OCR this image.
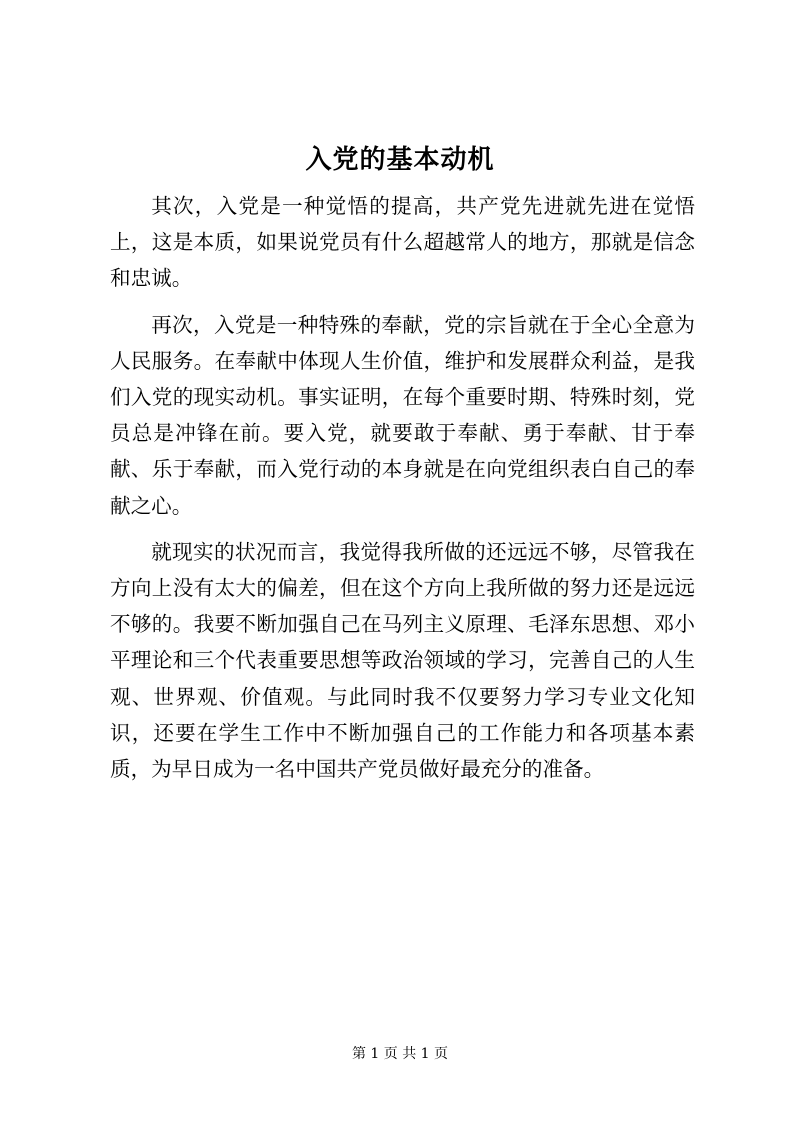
入党的基本动机

其次，入党是一种觉悟的提高，共产党先进就先进在觉悟上，这是本质，如果说党员有什么超越常人的地方，那就是信念和忠诚。

再次，入党是一种特殊的奉献，党的宗旨就在于全心全意为人民服务。在奉献中体现人生价值，维护和发展群众利益，是我们入党的现实动机。事实证明，在每个重要时期、特殊时刻，党员总是冲锋在前。要入党，就要敢于奉献、勇于奉献、甘于奉献、乐于奉献，而入党行动的本身就是在向党组织表白自己的奉献之心。

就现实的状况而言，我觉得我所做的还远远不够，尽管我在方向上没有太大的偏差，但在这个方向上我所做的努力还是远远不够的。我要不断加强自己在马列主义原理、毛泽东思想、邓小平理论和三个代表重要思想等政治领域的学习，完善自己的人生观、世界观、价值观。与此同时我不仅要努力学习专业文化知识，还要在学生工作中不断加强自己的工作能力和各项基本素质，为早日成为一名中国共产党员做好最充分的准备。

第 1 页 共 1 页
